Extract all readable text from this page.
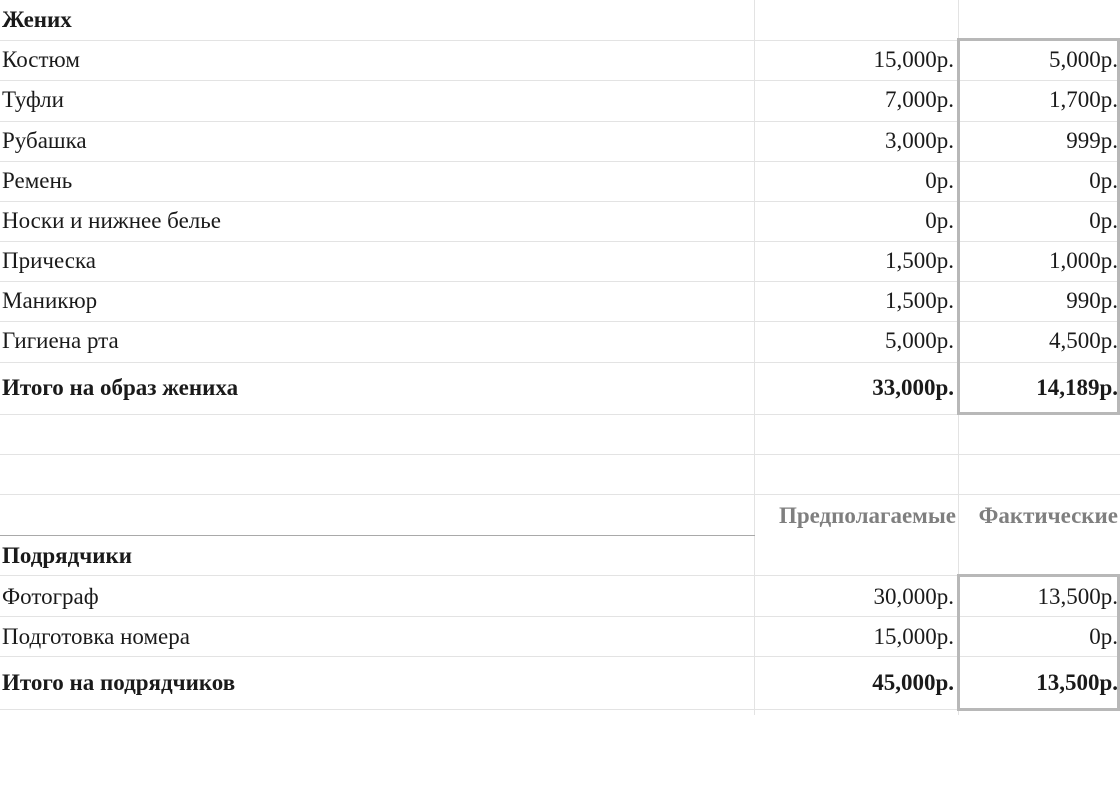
Жених
Костюм	15,000р.	5,000р.
Туфли	7,000р.	1,700р.
Рубашка	3,000р.	999р.
Ремень	0р.	0р.
Носки и нижнее белье	0р.	0р.
Прическа	1,500р.	1,000р.
Маникюр	1,500р.	990р.
Гигиена рта	5,000р.	4,500р.
Итого на образ жениха	33,000р.	14,189р.
Предполагаемые Фактические
Подрядчики
Фотограф	30,000р.	13,500р.
Подготовка номера	15,000р.	0р.
Итого на подрядчиков	45,000р.	13,500р.
